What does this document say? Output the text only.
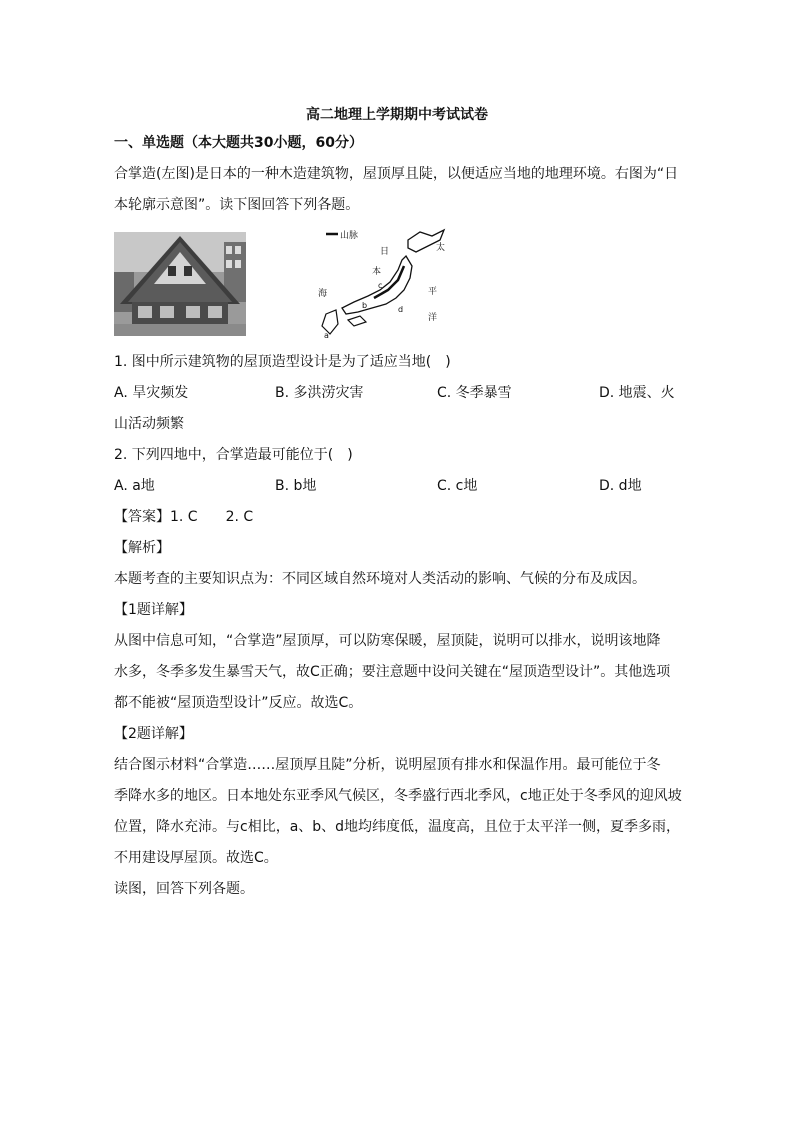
高二地理上学期期中考试试卷
一、单选题（本大题共30小题，60分）
合掌造(左图)是日本的一种木造建筑物，屋顶厚且陡，以便适应当地的地理环境。右图为“日
本轮廓示意图”。读下图回答下列各题。
山脉
日
本
海
太
平
洋
a
b
c
d
1. 图中所示建筑物的屋顶造型设计是为了适应当地(　)
A. 旱灾频发	B. 多洪涝灾害	C. 冬季暴雪	D. 地震、火
山活动频繁
2. 下列四地中，合掌造最可能位于(　)
A. a地	B. b地	C. c地	D. d地
【答案】1. C　　2. C
【解析】
本题考查的主要知识点为：不同区域自然环境对人类活动的影响、气候的分布及成因。
【1题详解】
从图中信息可知，“合掌造”屋顶厚，可以防寒保暖，屋顶陡，说明可以排水，说明该地降
水多，冬季多发生暴雪天气，故C正确；要注意题中设问关键在“屋顶造型设计”。其他选项
都不能被“屋顶造型设计”反应。故选C。
【2题详解】
结合图示材料“合掌造……屋顶厚且陡”分析，说明屋顶有排水和保温作用。最可能位于冬
季降水多的地区。日本地处东亚季风气候区，冬季盛行西北季风，c地正处于冬季风的迎风坡
位置，降水充沛。与c相比，a、b、d地均纬度低，温度高，且位于太平洋一侧，夏季多雨，
不用建设厚屋顶。故选C。
读图，回答下列各题。
